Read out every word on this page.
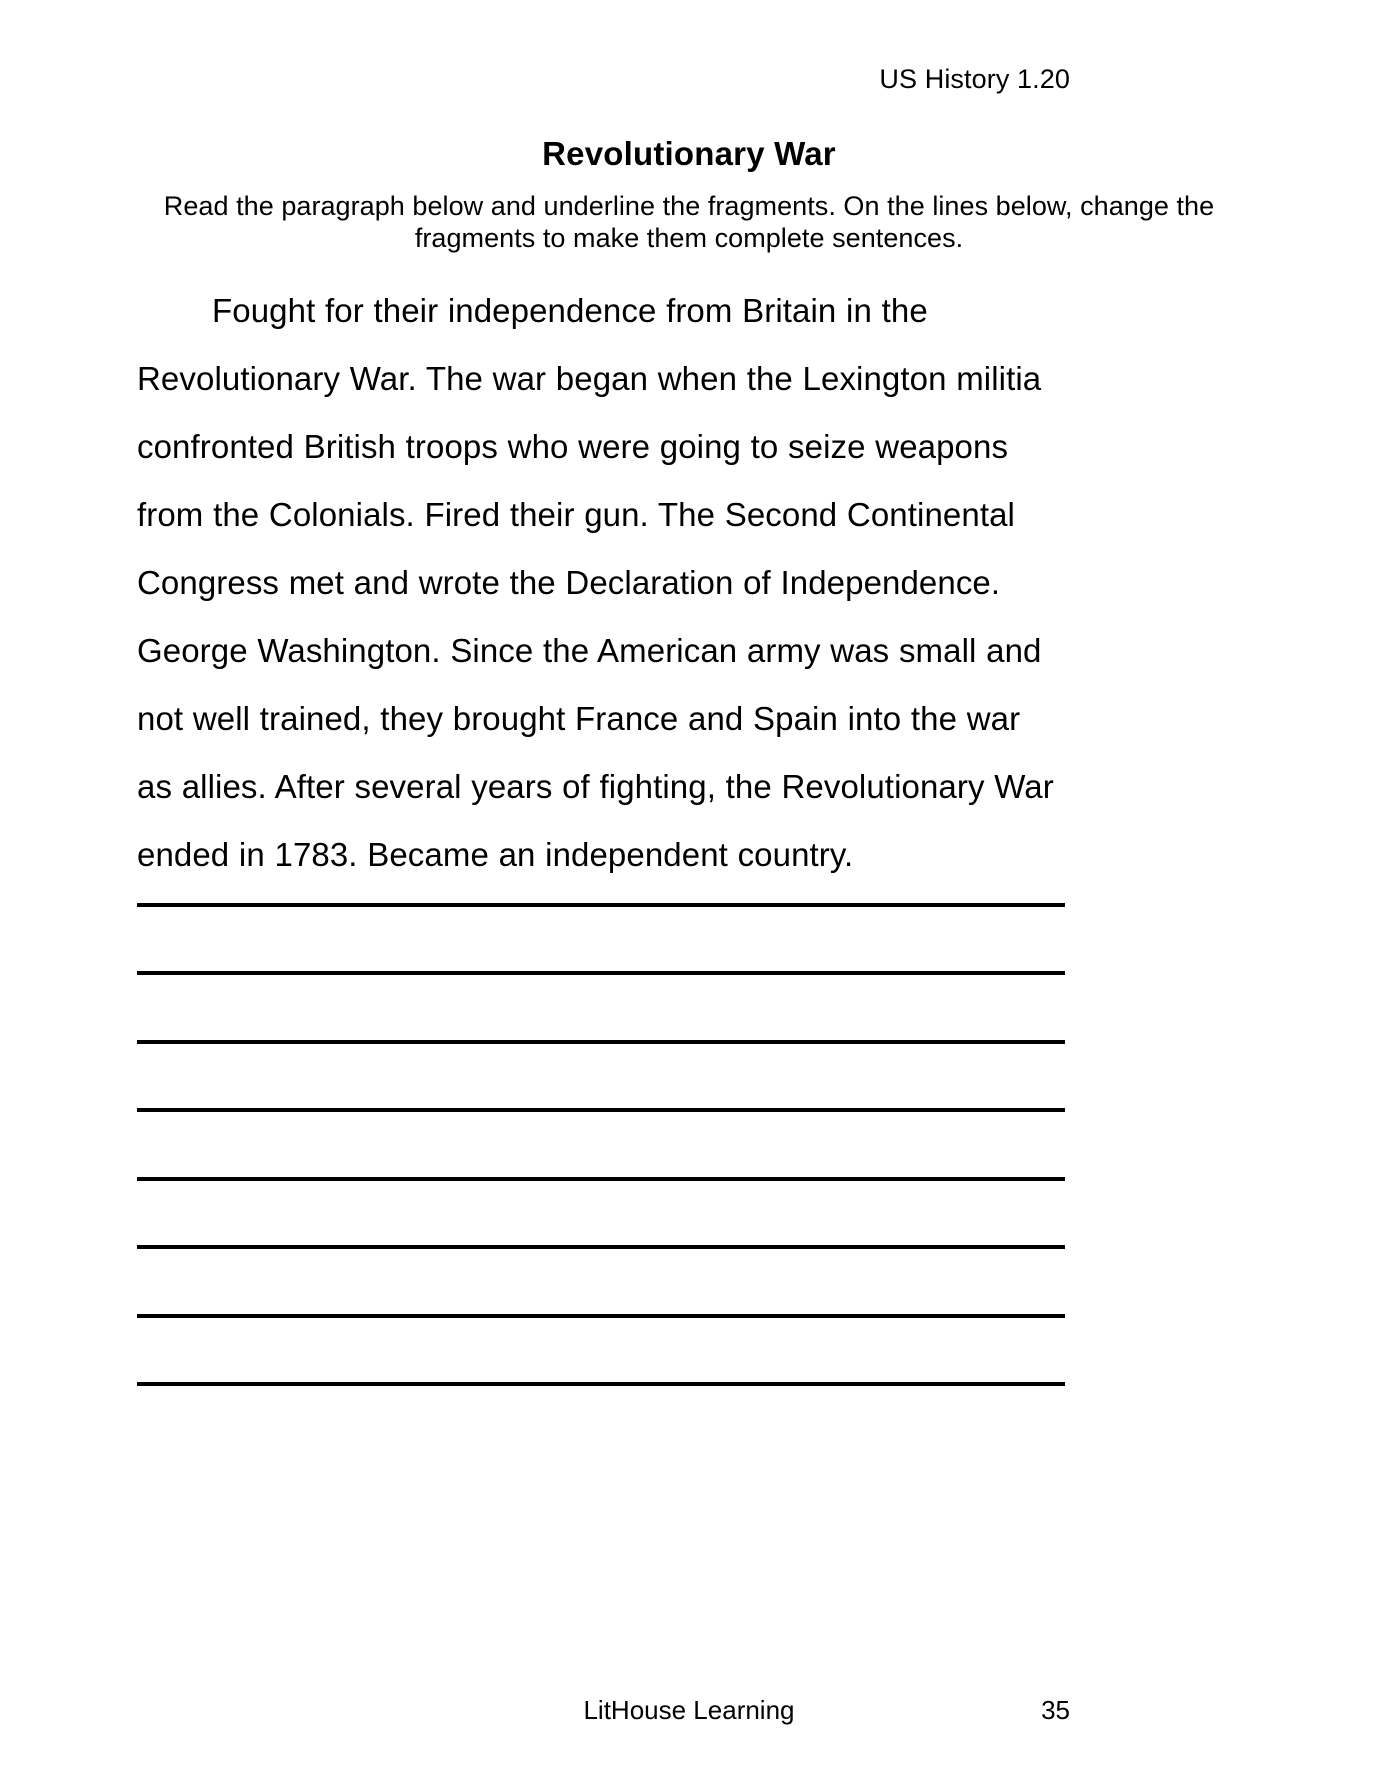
US History 1.20
Revolutionary War
Read the paragraph below and underline the fragments. On the lines below, change the fragments to make them complete sentences.
Fought for their independence from Britain in the Revolutionary War. The war began when the Lexington militia confronted British troops who were going to seize weapons from the Colonials. Fired their gun. The Second Continental Congress met and wrote the Declaration of Independence. George Washington. Since the American army was small and not well trained, they brought France and Spain into the war as allies. After several years of fighting, the Revolutionary War ended in 1783. Became an independent country.
LitHouse Learning	35
